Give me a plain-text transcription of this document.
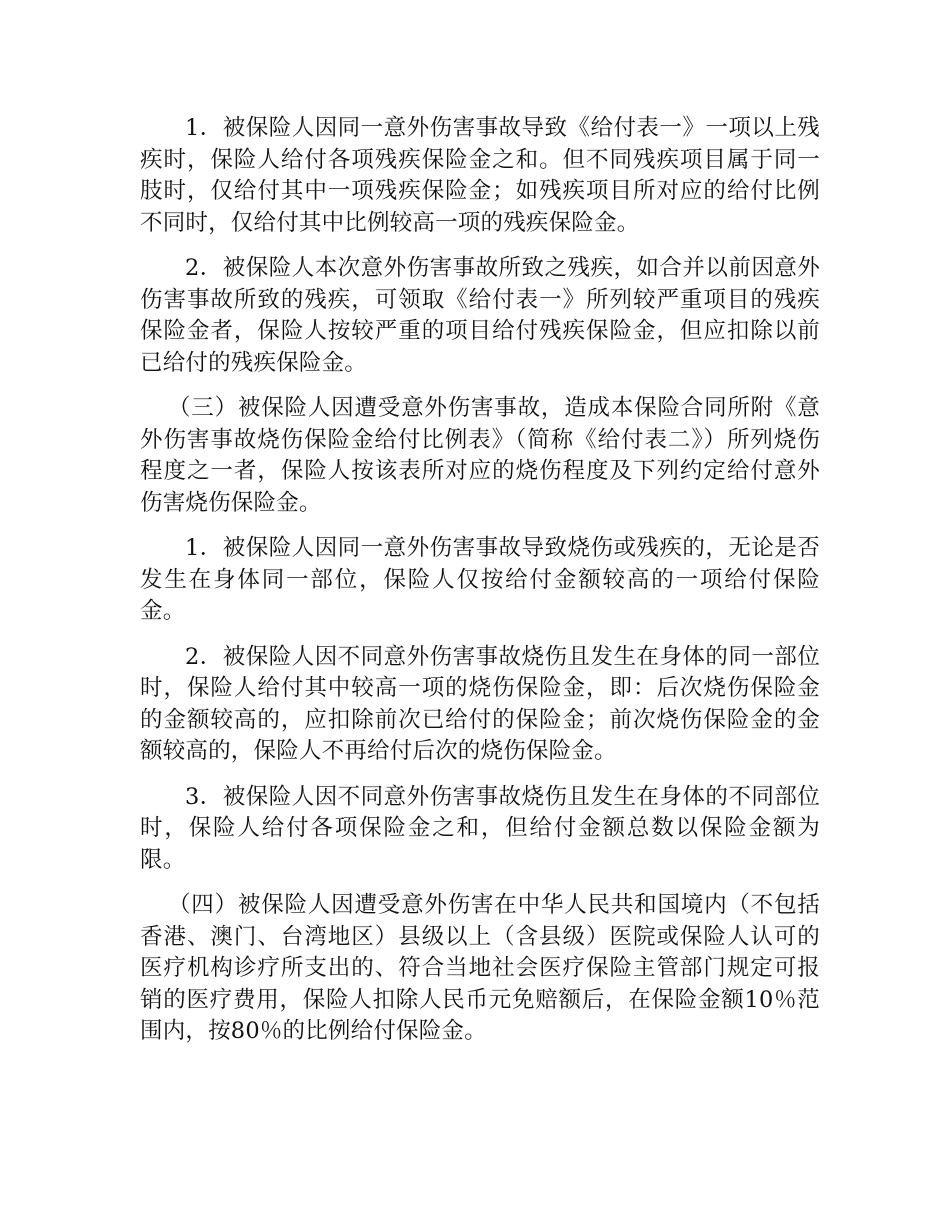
1．被保险人因同一意外伤害事故导致《给付表一》一项以上残疾时，保险人给付各项残疾保险金之和。但不同残疾项目属于同一肢时，仅给付其中一项残疾保险金；如残疾项目所对应的给付比例不同时，仅给付其中比例较高一项的残疾保险金。

2．被保险人本次意外伤害事故所致之残疾，如合并以前因意外伤害事故所致的残疾，可领取《给付表一》所列较严重项目的残疾保险金者，保险人按较严重的项目给付残疾保险金，但应扣除以前已给付的残疾保险金。

（三）被保险人因遭受意外伤害事故，造成本保险合同所附《意外伤害事故烧伤保险金给付比例表》（简称《给付表二》）所列烧伤程度之一者，保险人按该表所对应的烧伤程度及下列约定给付意外伤害烧伤保险金。

1．被保险人因同一意外伤害事故导致烧伤或残疾的，无论是否发生在身体同一部位，保险人仅按给付金额较高的一项给付保险金。

2．被保险人因不同意外伤害事故烧伤且发生在身体的同一部位时，保险人给付其中较高一项的烧伤保险金，即：后次烧伤保险金的金额较高的，应扣除前次已给付的保险金；前次烧伤保险金的金额较高的，保险人不再给付后次的烧伤保险金。

3．被保险人因不同意外伤害事故烧伤且发生在身体的不同部位时，保险人给付各项保险金之和，但给付金额总数以保险金额为限。

（四）被保险人因遭受意外伤害在中华人民共和国境内（不包括香港、澳门、台湾地区）县级以上（含县级）医院或保险人认可的医疗机构诊疗所支出的、符合当地社会医疗保险主管部门规定可报销的医疗费用，保险人扣除人民币元免赔额后，在保险金额10％范围内，按80％的比例给付保险金。
